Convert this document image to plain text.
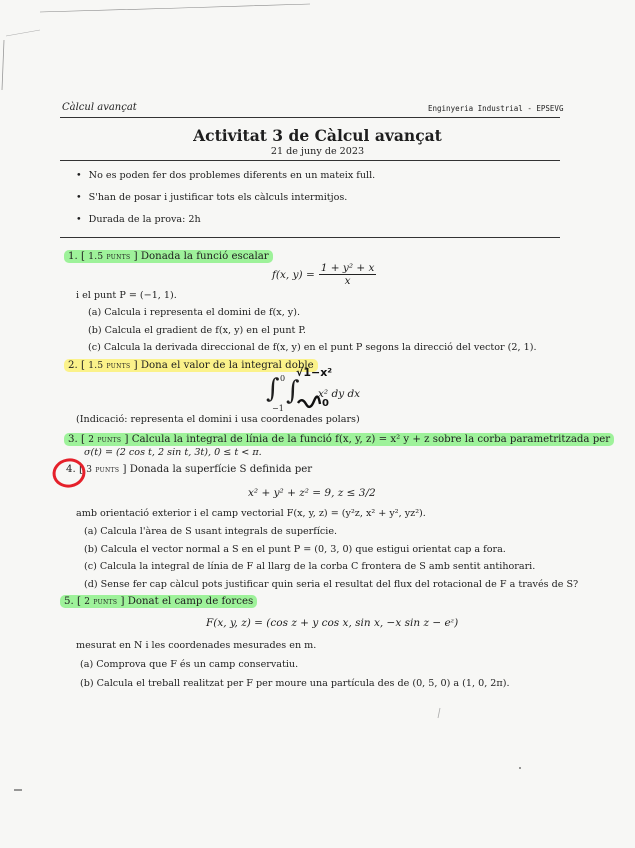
Càlcul avançat	Enginyeria Industrial - EPSEVG
Activitat 3 de Càlcul avançat
21 de juny de 2023
• No es poden fer dos problemes diferents en un mateix full.
• S'han de posar i justificar tots els càlculs intermitjos.
• Durada de la prova: 2h
1. [ 1.5 punts ] Donada la funció escalar
f(x, $y) = \frac{\text{1 + y² + x}}{x}$
i el punt P = (−1, 1).
(a) Calcula i representa el domini de f(x, y).
(b) Calcula el gradient de f(x, y) en el punt P.
(c) Calcula la derivada direccional de f(x, y) en el punt P segons la direcció del vector (2, 1).
2. [ 1.5 punts ] Dona el valor de la integral doble
∫ 0
−1
∫
√1−x²
0
x² dy dx
(Indicació: representa el domini i usa coordenades polars)
3. [ 2 punts ] Calcula la integral de línia de la funció f(x, y, z) = x² y + z sobre la corba parametritzada per
σ(t) = (2 cos t, 2 sin t, 3t), 0 ≤ t < π.
4. [ 3 punts ] Donada la superfície S definida per
x² + y² + z² = 9, z ≤ 3/2
amb orientació exterior i el camp vectorial F(x, y, z) = (y²z, x² + y², yz²).
(a) Calcula l'àrea de S usant integrals de superfície.
(b) Calcula el vector normal a S en el punt P = (0, 3, 0) que estigui orientat cap a fora.
(c) Calcula la integral de línia de F al llarg de la corba C frontera de S amb sentit antihorari.
(d) Sense fer cap càlcul pots justificar quin seria el resultat del flux del rotacional de F a través de S?
5. [ 2 punts ] Donat el camp de forces
F(x, y, z) = (cos z + y cos x, sin x, −x sin z − eᶻ)
mesurat en N i les coordenades mesurades en m.
(a) Comprova que F és un camp conservatiu.
(b) Calcula el treball realitzat per F per moure una partícula des de (0, 5, 0) a (1, 0, 2π).
